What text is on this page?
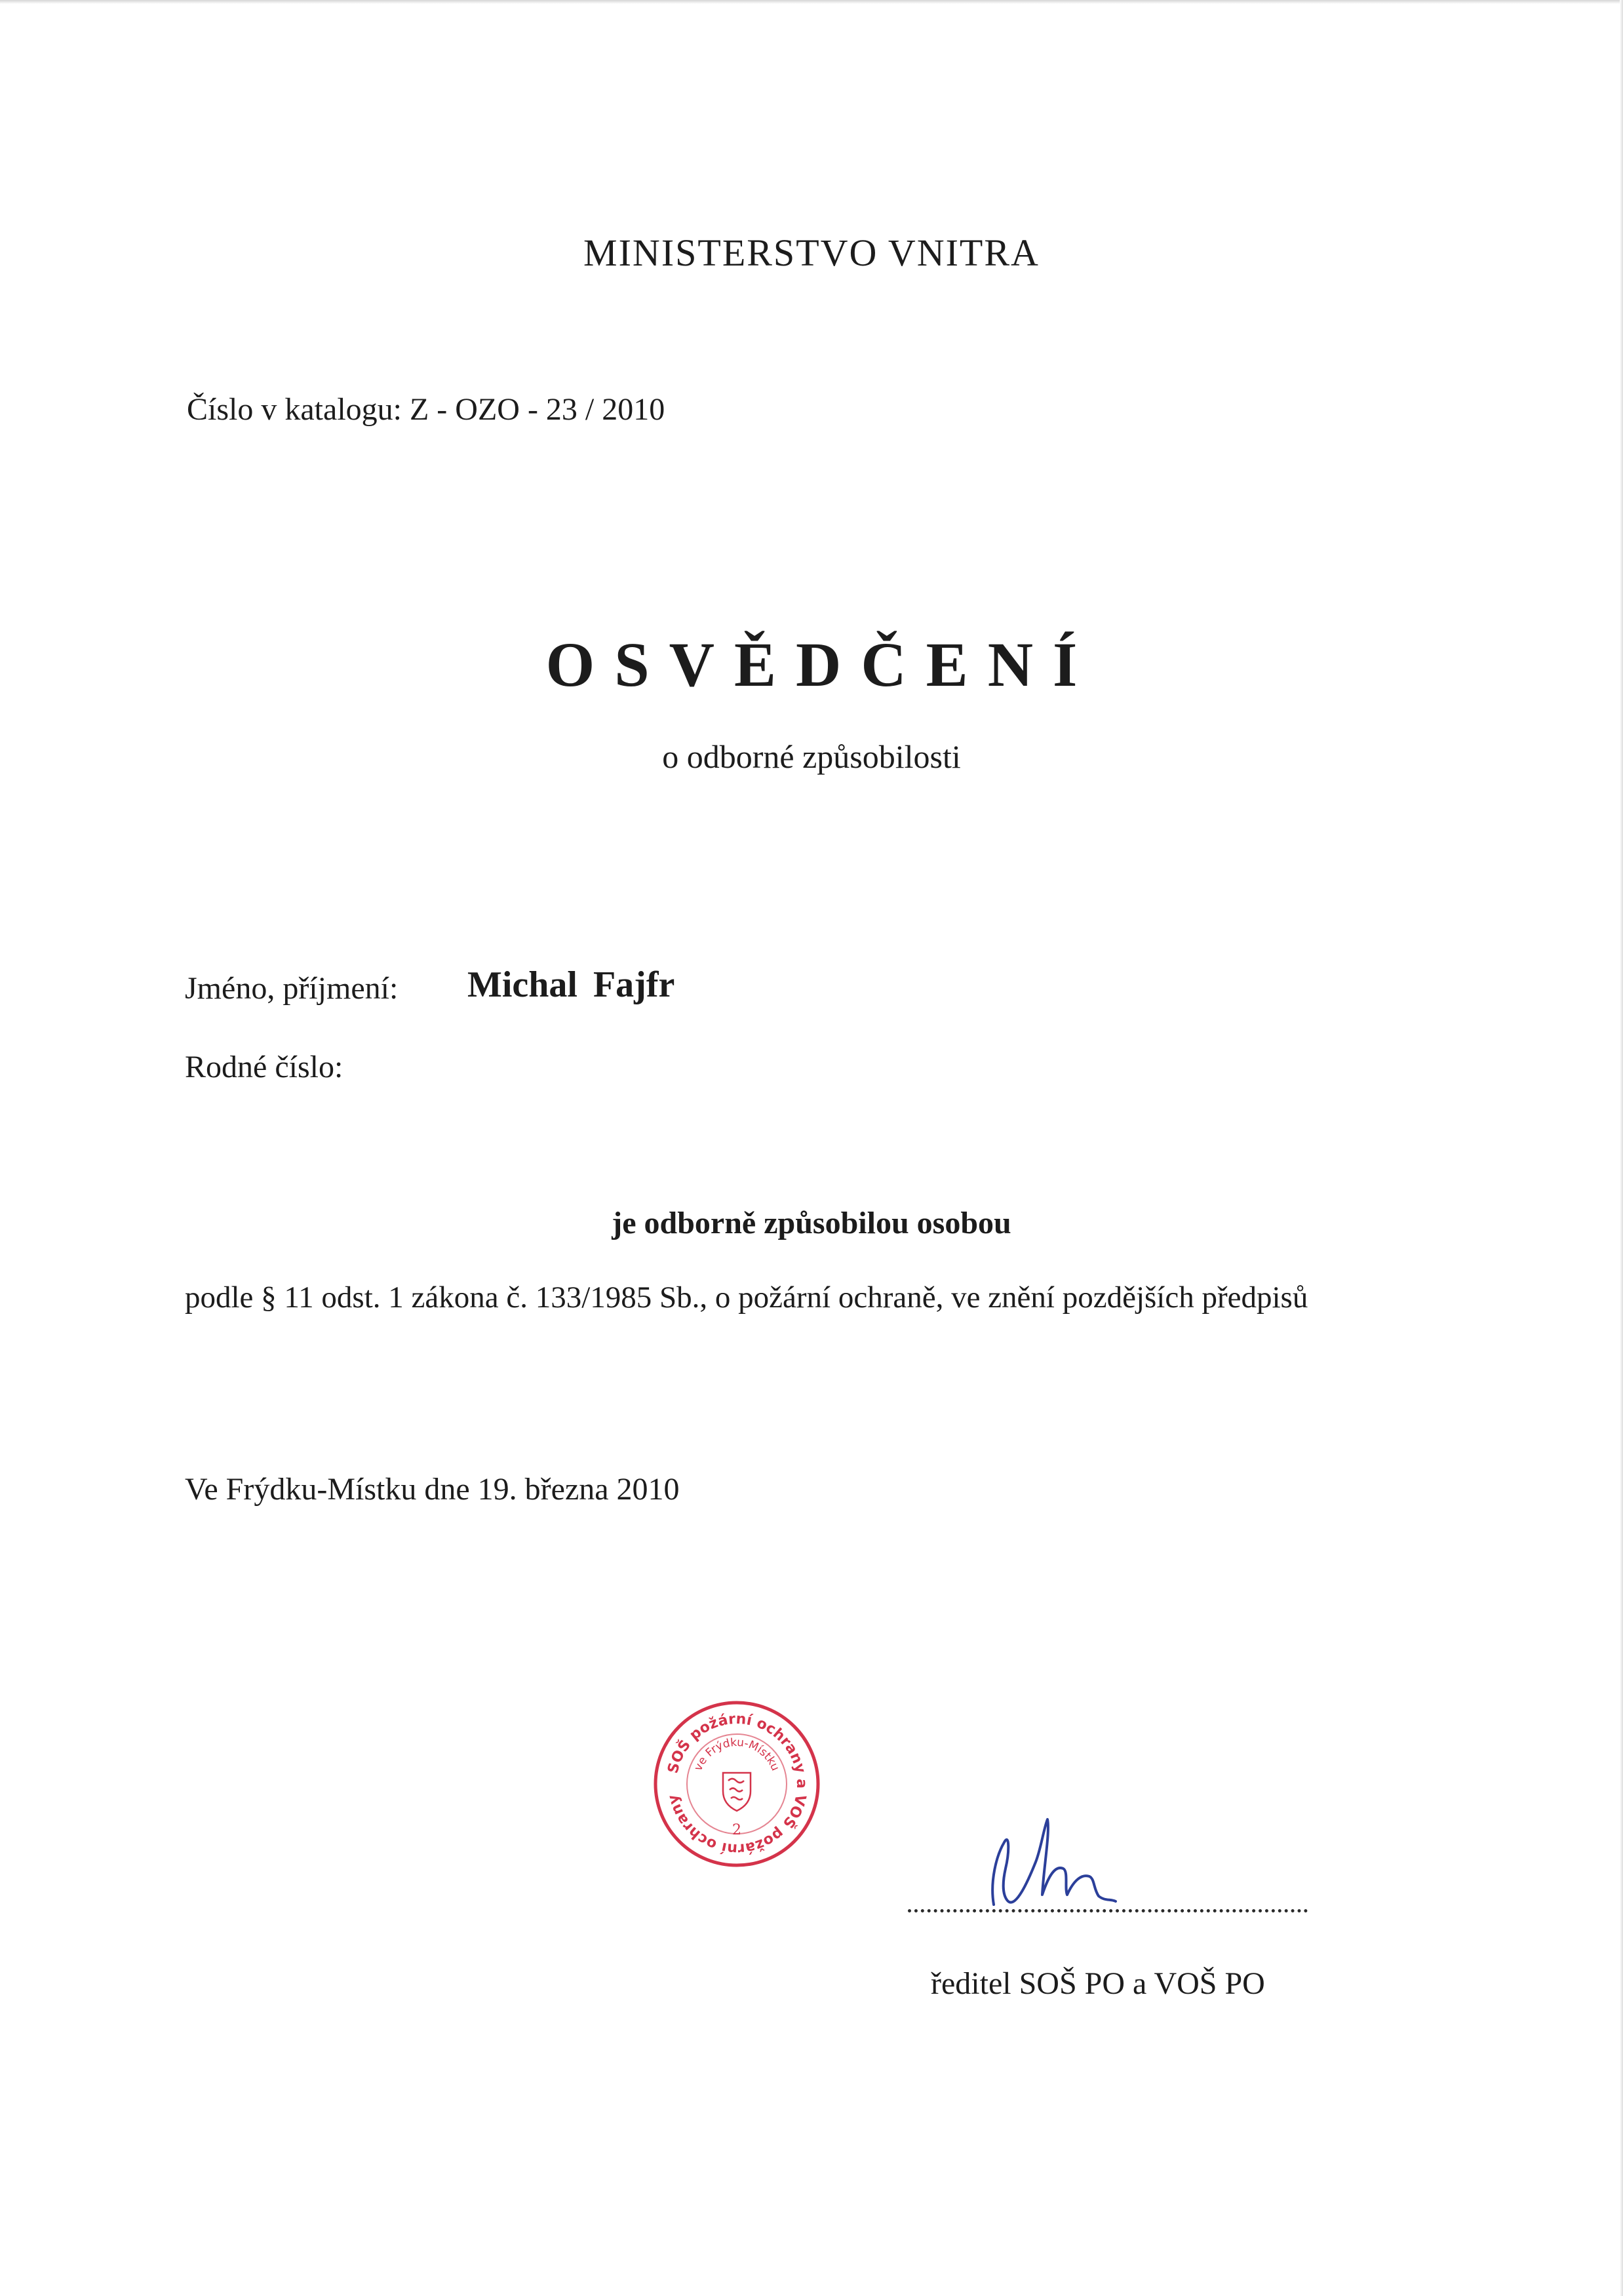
MINISTERSTVO VNITRA
Číslo v katalogu: Z - OZO - 23 / 2010
OSVĚDČENÍ
o odborné způsobilosti
Jméno, příjmení: Michal Fajfr
Rodné číslo:
je odborně způsobilou osobou
podle § 11 odst. 1 zákona č. 133/1985 Sb., o požární ochraně, ve znění pozdějších předpisů
Ve Frýdku-Místku dne 19. března 2010
SOŠ požární ochrany a VOŠ požární ochrany
ve Frýdku-Místku
2
ředitel SOŠ PO a VOŠ PO
